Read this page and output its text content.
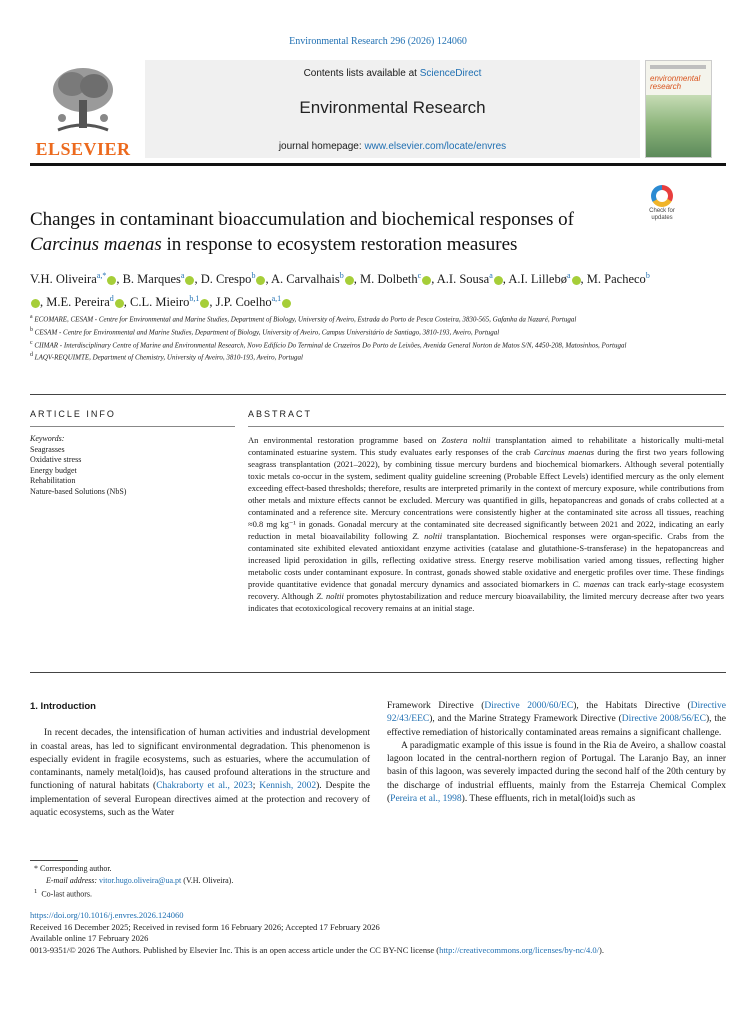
Environmental Research 296 (2026) 124060
ELSEVIER
Contents lists available at ScienceDirect
Environmental Research
journal homepage: www.elsevier.com/locate/envres
environmental research
Check for updates
Changes in contaminant bioaccumulation and biochemical responses of Carcinus maenas in response to ecosystem restoration measures
V.H. Oliveira$^{a,*}$ , B. Marques$^a$ , D. Crespo$^b$ , A. Carvalhais$^b$ , M. Dolbeth$^c$ , A.I. Sousa$^a$ , A.I. Lillebø$^a$ , M. Pacheco$^b$, M.E. Pereira$^d$ , C.L. Mieiro$^{b,1}$ , J.P. Coelho$^{a,1}$
$^a$ ECOMARE, CESAM - Centre for Environmental and Marine Studies, Department of Biology, University of Aveiro, Estrada do Porto de Pesca Costeira, 3830-565, Gafanha da Nazaré, Portugal
$^b$ CESAM - Centre for Environmental and Marine Studies, Department of Biology, University of Aveiro, Campus Universitário de Santiago, 3810-193, Aveiro, Portugal
$^c$ CIIMAR - Interdisciplinary Centre of Marine and Environmental Research, Novo Edifício Do Terminal de Cruzeiros Do Porto de Leixões, Avenida General Norton de Matos S/N, 4450-208, Matosinhos, Portugal
$^d$ LAQV-REQUIMTE, Department of Chemistry, University of Aveiro, 3810-193, Aveiro, Portugal
ARTICLE INFO	ABSTRACT
Keywords:
Seagrasses
Oxidative stress
Energy budget
Rehabilitation
Nature-based Solutions (NbS)
An environmental restoration programme based on Zostera noltii transplantation aimed to rehabilitate a historically multi-metal contaminated estuarine system. This study evaluates early responses of the crab Carcinus maenas during the first two years following seagrass transplantation (2021–2022), by combining tissue mercury burdens and biochemical biomarkers. Although several potentially toxic metals co-occur in the system, sediment quality guideline screening (Probable Effect Levels) identified mercury as the only element exceeding effect-based thresholds; therefore, results are interpreted primarily in the context of mercury exposure, while contributions from other metals and mixture effects cannot be excluded. Mercury was quantified in gills, hepatopancreas and gonads of crabs collected at a contaminated and a reference site. Mercury concentrations were consistently higher at the contaminated site across all tissues, reaching ≈0.8 mg kg⁻¹ in gonads. Gonadal mercury at the contaminated site decreased significantly between 2021 and 2022, indicating an early reduction in metal bioavailability following Z. noltii transplantation. Biochemical responses were organ-specific. Crabs from the contaminated site exhibited elevated antioxidant enzyme activities (catalase and glutathione-S-transferase) in the hepatopancreas and increased lipid peroxidation in gills, reflecting oxidative stress. Energy reserve mobilisation varied among tissues, reflecting higher metabolic costs under contaminant exposure. In contrast, gonads showed stable oxidative and energetic profiles over time. These findings provide quantitative evidence that gonadal mercury dynamics and associated biomarkers in C. maenas can track early-stage ecosystem recovery. Although Z. noltii promotes phytostabilization and reduce mercury bioavailability, the limited mercury decrease after two years indicates that ecotoxicological recovery remains at an initial stage.
1. Introduction

In recent decades, the intensification of human activities and industrial development in coastal areas, has led to significant environmental degradation. This phenomenon is especially evident in fragile ecosystems, such as estuaries, where the accumulation of contaminants, namely metal(loid)s, has caused profound alterations in the structure and functioning of natural habitats (Chakraborty et al., 2023; Kennish, 2002). Despite the implementation of several European directives aimed at the protection and recovery of aquatic ecosystems, such as the Water

Framework Directive (Directive 2000/60/EC), the Habitats Directive (Directive 92/43/EEC), and the Marine Strategy Framework Directive (Directive 2008/56/EC), the effective remediation of historically contaminated areas remains a significant challenge.

A paradigmatic example of this issue is found in the Ria de Aveiro, a shallow coastal lagoon located in the central-northern region of Portugal. The Laranjo Bay, an inner basin of this lagoon, was severely impacted during the second half of the 20th century by the discharge of industrial effluents, mainly from the Estarreja Chemical Complex (Pereira et al., 1998). These effluents, rich in metal(loid)s such as

* Corresponding author.
E-mail address: vitor.hugo.oliveira@ua.pt (V.H. Oliveira).
$^1$ Co-last authors.
https://doi.org/10.1016/j.envres.2026.124060
Received 16 December 2025; Received in revised form 16 February 2026; Accepted 17 February 2026
Available online 17 February 2026
0013-9351/© 2026 The Authors. Published by Elsevier Inc. This is an open access article under the CC BY-NC license (http://creativecommons.org/licenses/by-nc/4.0/).
